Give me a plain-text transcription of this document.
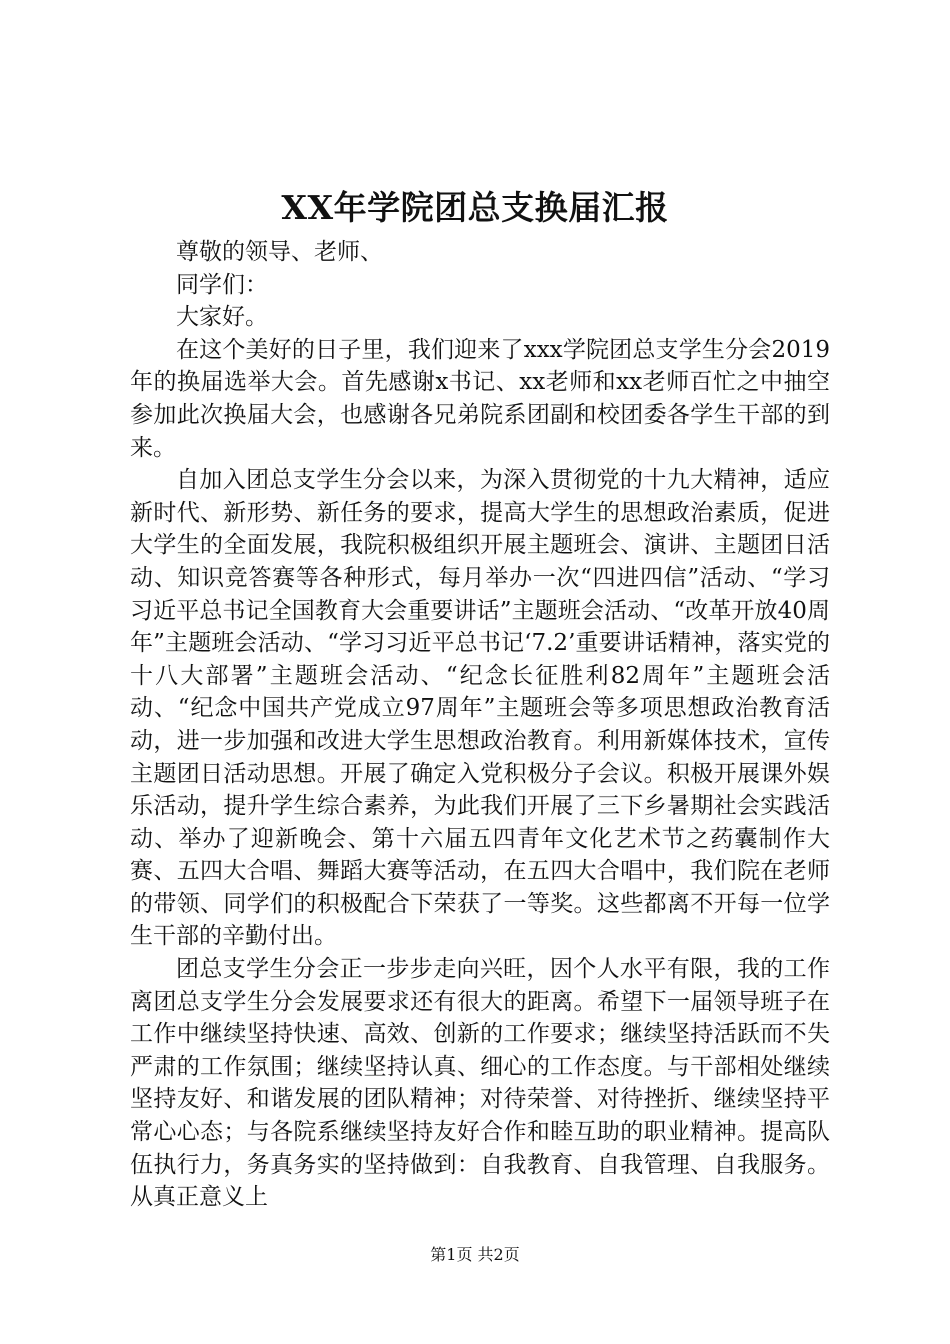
XX年学院团总支换届汇报

尊敬的领导、老师、

同学们：

大家好。

在这个美好的日子里，我们迎来了xxx学院团总支学生分会2019年的换届选举大会。首先感谢x书记、xx老师和xx老师百忙之中抽空参加此次换届大会，也感谢各兄弟院系团副和校团委各学生干部的到来。

自加入团总支学生分会以来，为深入贯彻党的十九大精神，适应新时代、新形势、新任务的要求，提高大学生的思想政治素质，促进大学生的全面发展，我院积极组织开展主题班会、演讲、主题团日活动、知识竞答赛等各种形式，每月举办一次“四进四信”活动、“学习习近平总书记全国教育大会重要讲话”主题班会活动、“改革开放40周年”主题班会活动、“学习习近平总书记‘7.2’重要讲话精神，落实党的十八大部署”主题班会活动、“纪念长征胜利82周年”主题班会活动、“纪念中国共产党成立97周年”主题班会等多项思想政治教育活动，进一步加强和改进大学生思想政治教育。利用新媒体技术，宣传主题团日活动思想。开展了确定入党积极分子会议。积极开展课外娱乐活动，提升学生综合素养，为此我们开展了三下乡暑期社会实践活动、举办了迎新晚会、第十六届五四青年文化艺术节之药囊制作大赛、五四大合唱、舞蹈大赛等活动，在五四大合唱中，我们院在老师的带领、同学们的积极配合下荣获了一等奖。这些都离不开每一位学生干部的辛勤付出。

团总支学生分会正一步步走向兴旺，因个人水平有限，我的工作离团总支学生分会发展要求还有很大的距离。希望下一届领导班子在工作中继续坚持快速、高效、创新的工作要求；继续坚持活跃而不失严肃的工作氛围；继续坚持认真、细心的工作态度。与干部相处继续坚持友好、和谐发展的团队精神；对待荣誉、对待挫折、继续坚持平常心心态；与各院系继续坚持友好合作和睦互助的职业精神。提高队伍执行力，务真务实的坚持做到：自我教育、自我管理、自我服务。从真正意义上

第1页 共2页
